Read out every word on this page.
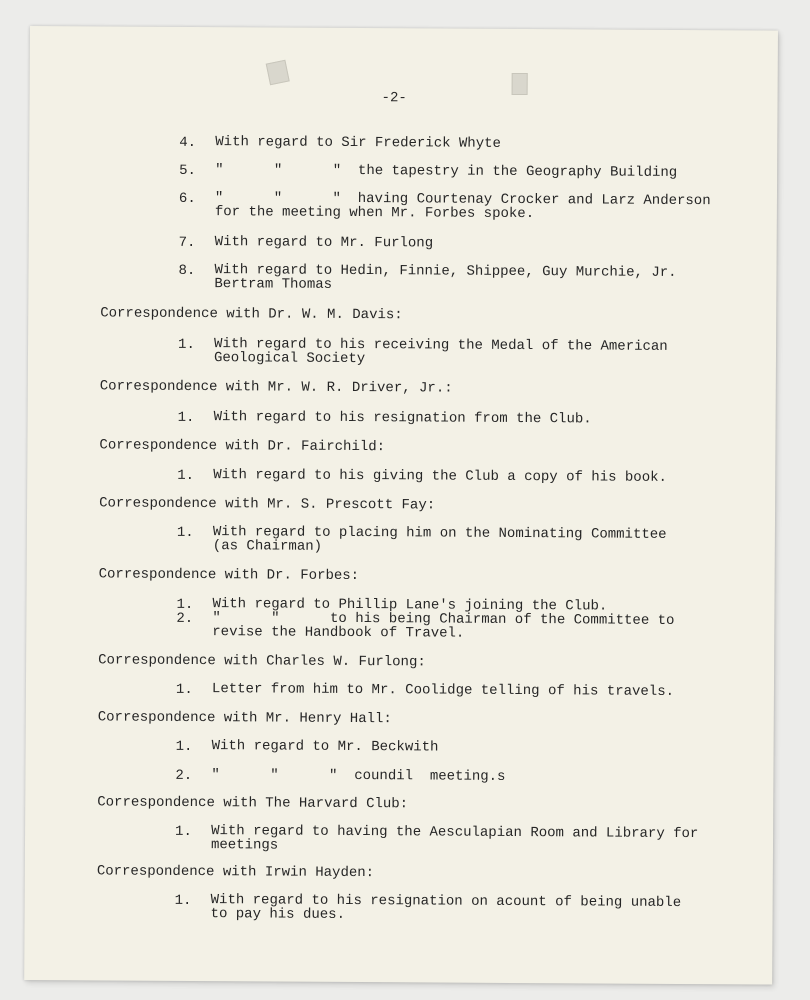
-2-
4. With regard to Sir Frederick Whyte
5. "      "      "  the tapestry in the Geography Building
6. "      "      "  having Courtenay Crocker and Larz Anderson
for the meeting when Mr. Forbes spoke.
7. With regard to Mr. Furlong
8. With regard to Hedin, Finnie, Shippee, Guy Murchie, Jr.
Bertram Thomas
Correspondence with Dr. W. M. Davis:
1. With regard to his receiving the Medal of the American
Geological Society
Correspondence with Mr. W. R. Driver, Jr.:
1. With regard to his resignation from the Club.
Correspondence with Dr. Fairchild:
1. With regard to his giving the Club a copy of his book.
Correspondence with Mr. S. Prescott Fay:
1. With regard to placing him on the Nominating Committee
(as Chairman)
Correspondence with Dr. Forbes:
1. With regard to Phillip Lane's joining the Club.
2. "      "      to his being Chairman of the Committee to
revise the Handbook of Travel.
Correspondence with Charles W. Furlong:
1. Letter from him to Mr. Coolidge telling of his travels.
Correspondence with Mr. Henry Hall:
1. With regard to Mr. Beckwith
2. "      "      "  coundil  meeting.s
Correspondence with The Harvard Club:
1. With regard to having the Aesculapian Room and Library for
meetings
Correspondence with Irwin Hayden:
1. With regard to his resignation on acount of being unable
to pay his dues.
